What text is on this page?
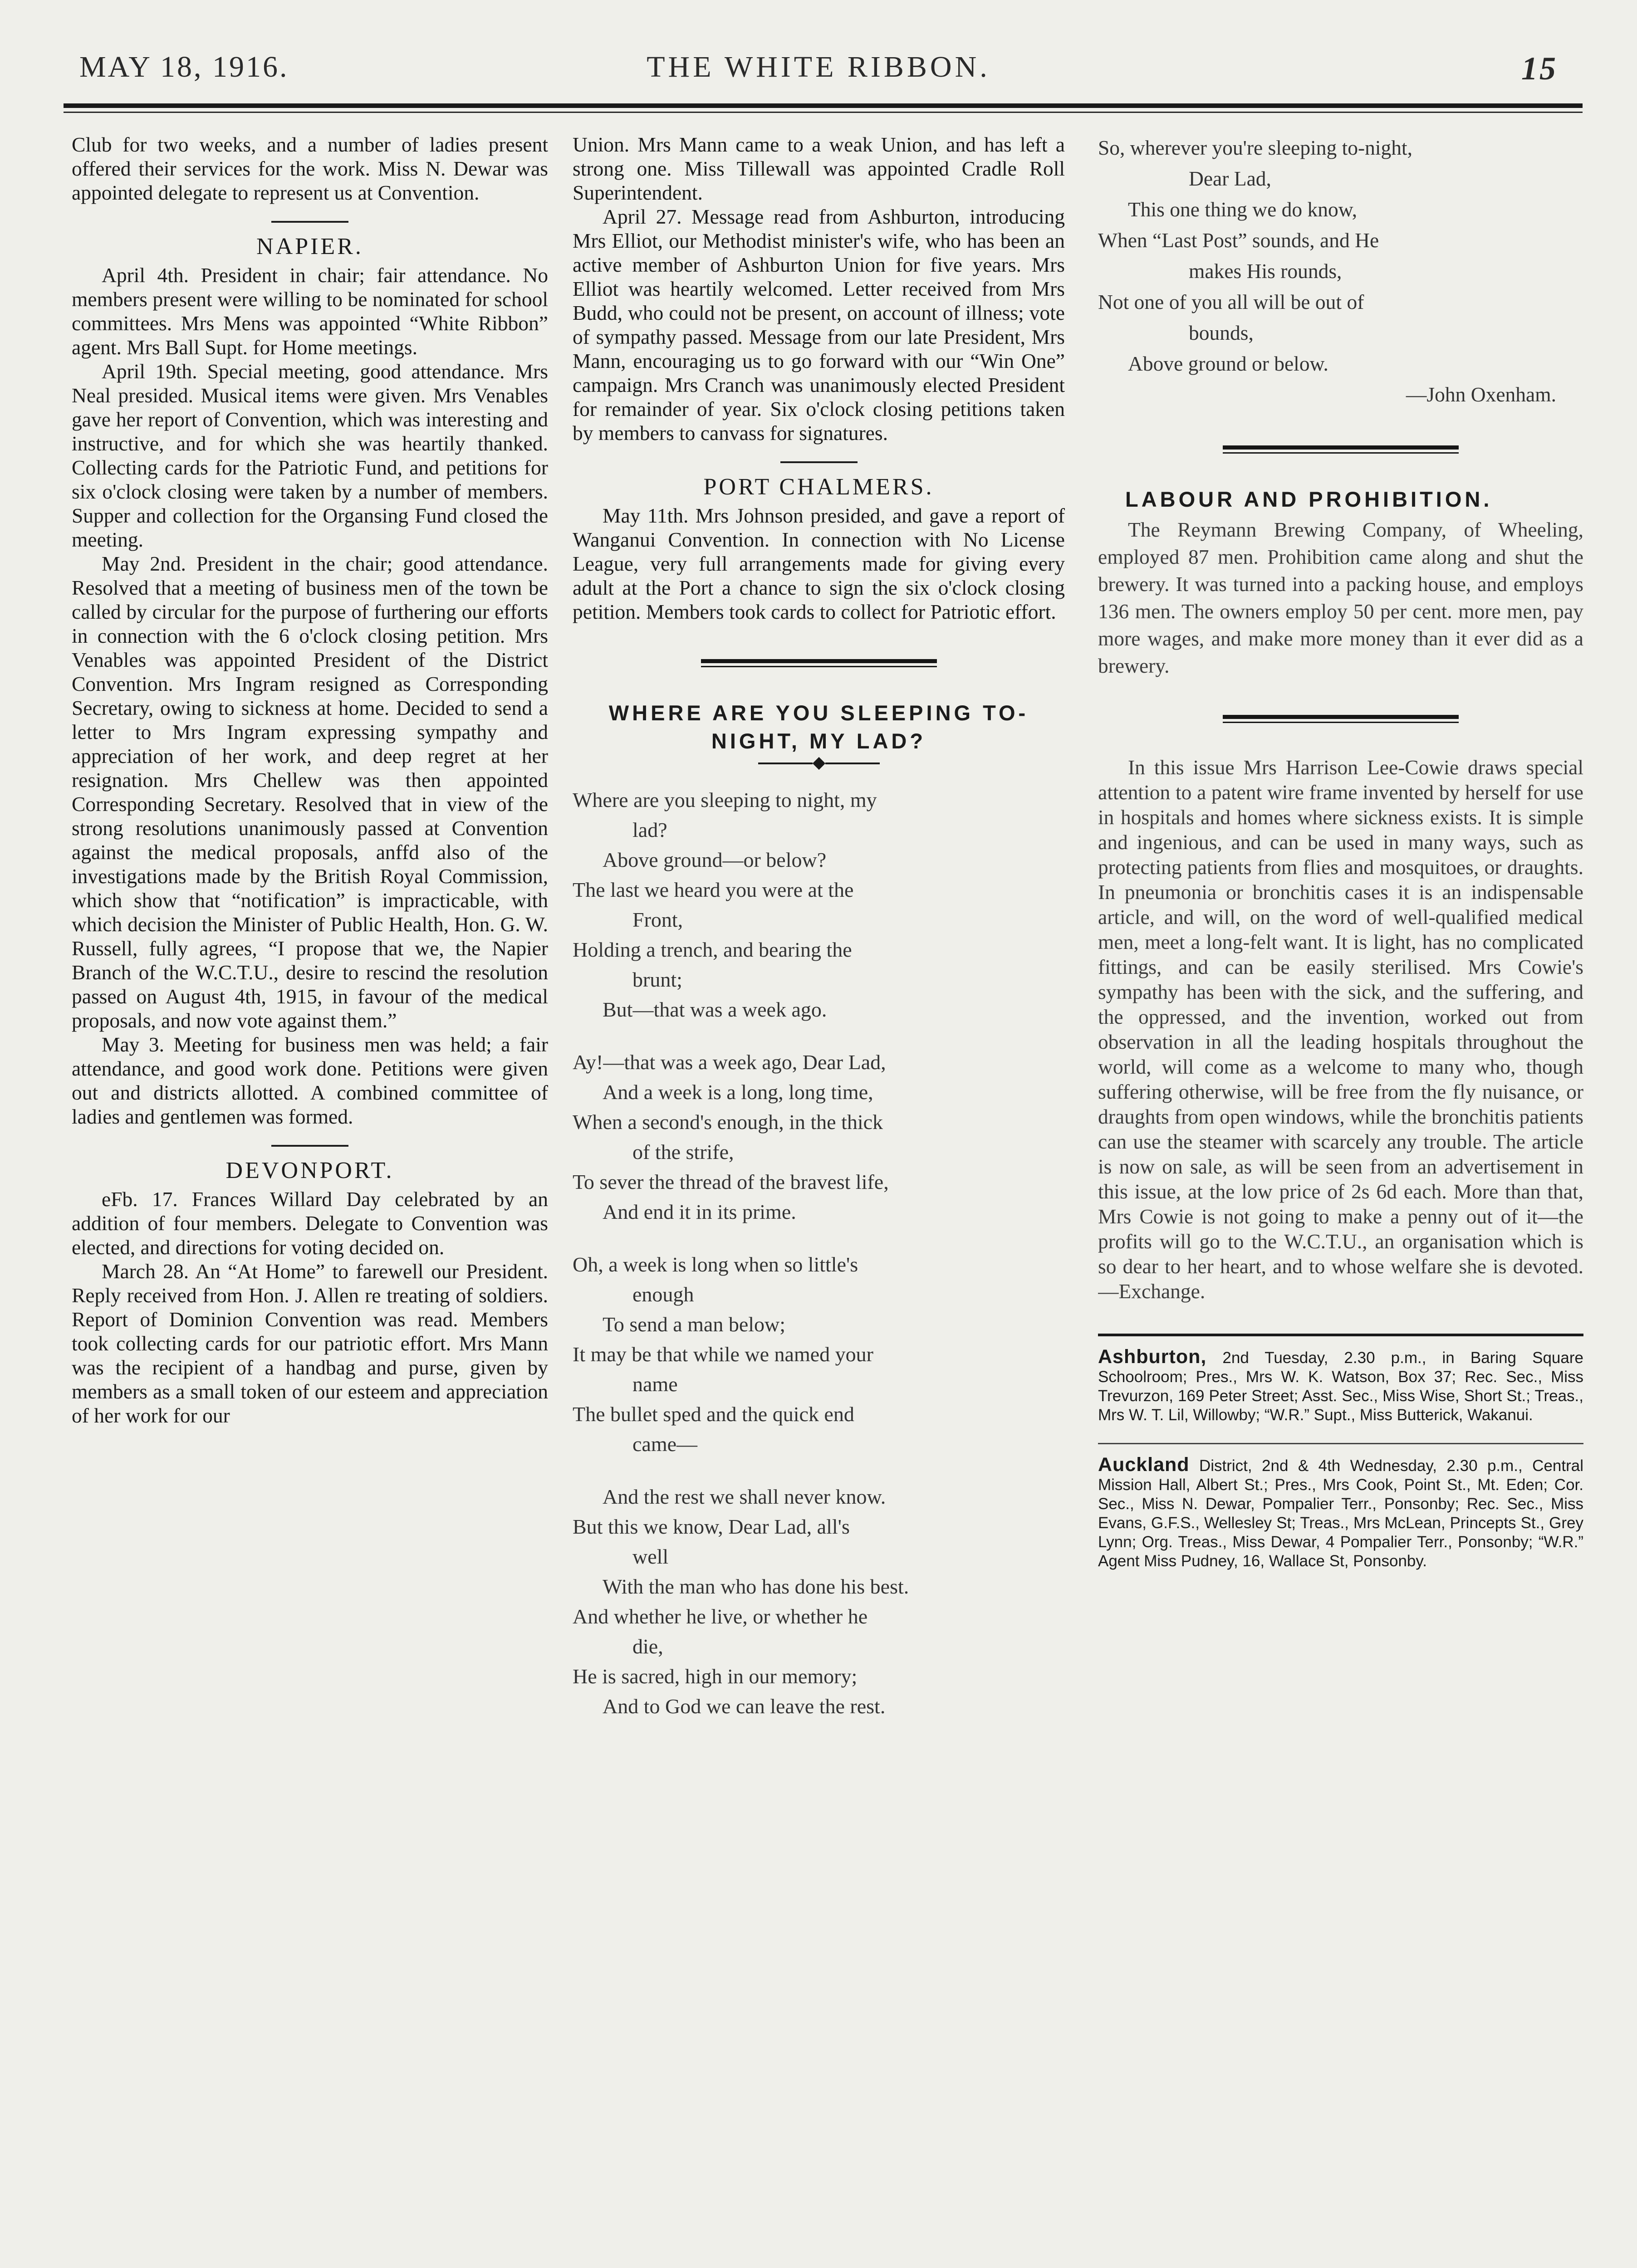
MAY 18, 1916.	THE WHITE RIBBON.	15

Club for two weeks, and a number of ladies present offered their services for the work. Miss N. Dewar was appointed delegate to represent us at Convention.

NAPIER.

April 4th. President in chair; fair attendance. No members present were willing to be nominated for school committees. Mrs Mens was appointed “White Ribbon” agent. Mrs Ball Supt. for Home meetings.

April 19th. Special meeting, good attendance. Mrs Neal presided. Musical items were given. Mrs Venables gave her report of Convention, which was interesting and instructive, and for which she was heartily thanked. Collecting cards for the Patriotic Fund, and petitions for six o'clock closing were taken by a number of members. Supper and collection for the Organsing Fund closed the meeting.

May 2nd. President in the chair; good attendance. Resolved that a meeting of business men of the town be called by circular for the purpose of furthering our efforts in connection with the 6 o'clock closing petition. Mrs Venables was appointed President of the District Convention. Mrs Ingram resigned as Corresponding Secretary, owing to sickness at home. Decided to send a letter to Mrs Ingram expressing sympathy and appreciation of her work, and deep regret at her resignation. Mrs Chellew was then appointed Corresponding Secretary. Resolved that in view of the strong resolutions unanimously passed at Convention against the medical proposals, anffd also of the investigations made by the British Royal Commission, which show that “notification” is impracticable, with which decision the Minister of Public Health, Hon. G. W. Russell, fully agrees, “I propose that we, the Napier Branch of the W.C.T.U., desire to rescind the resolution passed on August 4th, 1915, in favour of the medical proposals, and now vote against them.”

May 3. Meeting for business men was held; a fair attendance, and good work done. Petitions were given out and districts allotted. A combined committee of ladies and gentlemen was formed.

DEVONPORT.

eFb. 17. Frances Willard Day celebrated by an addition of four members. Delegate to Convention was elected, and directions for voting decided on.

March 28. An “At Home” to farewell our President. Reply received from Hon. J. Allen re treating of soldiers. Report of Dominion Convention was read. Members took collecting cards for our patriotic effort. Mrs Mann was the recipient of a handbag and purse, given by members as a small token of our esteem and appreciation of her work for our

Union. Mrs Mann came to a weak Union, and has left a strong one. Miss Tillewall was appointed Cradle Roll Superintendent.

April 27. Message read from Ashburton, introducing Mrs Elliot, our Methodist minister's wife, who has been an active member of Ashburton Union for five years. Mrs Elliot was heartily welcomed. Letter received from Mrs Budd, who could not be present, on account of illness; vote of sympathy passed. Message from our late President, Mrs Mann, encouraging us to go forward with our “Win One” campaign. Mrs Cranch was unanimously elected President for remainder of year. Six o'clock closing petitions taken by members to canvass for signatures.

PORT CHALMERS.

May 11th. Mrs Johnson presided, and gave a report of Wanganui Convention. In connection with No License League, very full arrangements made for giving every adult at the Port a chance to sign the six o'clock closing petition. Members took cards to collect for Patriotic effort.

WHERE ARE YOU SLEEPING TO-
NIGHT, MY LAD?

Where are you sleeping to night, my

lad?

Above ground—or below?

The last we heard you were at the

Front,

Holding a trench, and bearing the

brunt;

But—that was a week ago.

Ay!—that was a week ago, Dear Lad,

And a week is a long, long time,

When a second's enough, in the thick

of the strife,

To sever the thread of the bravest life,

And end it in its prime.

Oh, a week is long when so little's

enough

To send a man below;

It may be that while we named your

name

The bullet sped and the quick end

came—

And the rest we shall never know.

But this we know, Dear Lad, all's

well

With the man who has done his best.

And whether he live, or whether he

die,

He is sacred, high in our memory;

And to God we can leave the rest.

So, wherever you're sleeping to-night,

Dear Lad,

This one thing we do know,

When “Last Post” sounds, and He

makes His rounds,

Not one of you all will be out of

bounds,

Above ground or below.

—John Oxenham.

LABOUR AND PROHIBITION.

The Reymann Brewing Company, of Wheeling, employed 87 men. Prohibition came along and shut the brewery. It was turned into a packing house, and employs 136 men. The owners employ 50 per cent. more men, pay more wages, and make more money than it ever did as a brewery.

In this issue Mrs Harrison Lee-Cowie draws special attention to a patent wire frame invented by herself for use in hospitals and homes where sickness exists. It is simple and ingenious, and can be used in many ways, such as protecting patients from flies and mosquitoes, or draughts. In pneumonia or bronchitis cases it is an indispensable article, and will, on the word of well-qualified medical men, meet a long-felt want. It is light, has no complicated fittings, and can be easily sterilised. Mrs Cowie's sympathy has been with the sick, and the suffering, and the oppressed, and the invention, worked out from observation in all the leading hospitals throughout the world, will come as a welcome to many who, though suffering otherwise, will be free from the fly nuisance, or draughts from open windows, while the bronchitis patients can use the steamer with scarcely any trouble. The article is now on sale, as will be seen from an advertisement in this issue, at the low price of 2s 6d each. More than that, Mrs Cowie is not going to make a penny out of it—the profits will go to the W.C.T.U., an organisation which is so dear to her heart, and to whose welfare she is devoted.—Exchange.

Ashburton, 2nd Tuesday, 2.30 p.m., in Baring Square Schoolroom; Pres., Mrs W. K. Watson, Box 37; Rec. Sec., Miss Trevurzon, 169 Peter Street; Asst. Sec., Miss Wise, Short St.; Treas., Mrs W. T. Lil, Willowby; “W.R.” Supt., Miss Butterick, Wakanui.
Auckland District, 2nd & 4th Wednesday, 2.30 p.m., Central Mission Hall, Albert St.; Pres., Mrs Cook, Point St., Mt. Eden; Cor. Sec., Miss N. Dewar, Pompalier Terr., Ponsonby; Rec. Sec., Miss Evans, G.F.S., Wellesley St; Treas., Mrs McLean, Princepts St., Grey Lynn; Org. Treas., Miss Dewar, 4 Pompalier Terr., Ponsonby; “W.R.” Agent Miss Pudney, 16, Wallace St, Ponsonby.
